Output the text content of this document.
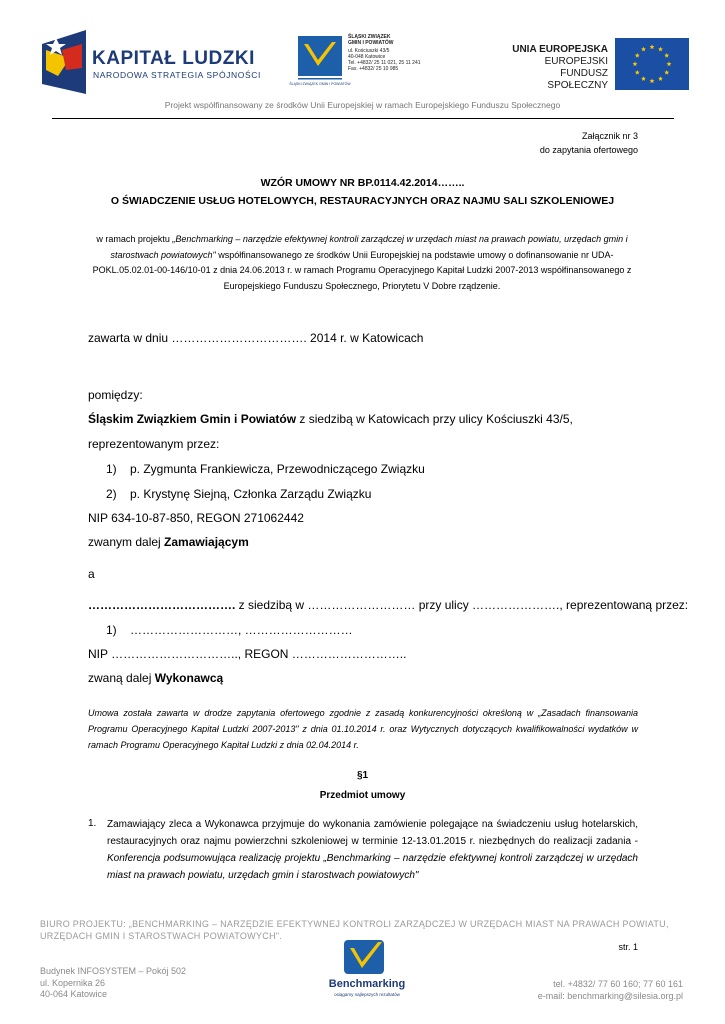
KAPITAŁ LUDZKI
NARODOWA STRATEGIA SPÓJNOŚCI
ŚLĄSKI ZWIĄZEK GMIN I POWIATÓW
ŚLĄSKI ZWIĄZEK
GMIN I POWIATÓW
ul. Kościuszki 43/5
40-048 Katowice
Tel. +4832/ 25 11 021, 25 11 241
Fax. +4832/ 25 10 985
UNIA EUROPEJSKA
EUROPEJSKI
FUNDUSZ SPOŁECZNY
Projekt współfinansowany ze środków Unii Europejskiej w ramach Europejskiego Funduszu Społecznego
Załącznik nr 3
do zapytania ofertowego
WZÓR UMOWY NR BP.0114.42.2014……..
O ŚWIADCZENIE USŁUG HOTELOWYCH, RESTAURACYJNYCH ORAZ NAJMU SALI SZKOLENIOWEJ
w ramach projektu „Benchmarking – narzędzie efektywnej kontroli zarządczej w urzędach miast na prawach powiatu, urzędach gmin i starostwach powiatowych" współfinansowanego ze środków Unii Europejskiej na podstawie umowy o dofinansowanie nr UDA-POKL.05.02.01-00-146/10-01 z dnia 24.06.2013 r. w ramach Programu Operacyjnego Kapitał Ludzki 2007-2013 współfinansowanego z Europejskiego Funduszu Społecznego, Priorytetu V Dobre rządzenie.
zawarta w dniu ……………………………. 2014 r. w Katowicach
pomiędzy:
Śląskim Związkiem Gmin i Powiatów z siedzibą w Katowicach przy ulicy Kościuszki 43/5,
reprezentowanym przez:
1) p. Zygmunta Frankiewicza, Przewodniczącego Związku
2) p. Krystynę Siejną, Członka Zarządu Związku
NIP 634-10-87-850, REGON 271062442
zwanym dalej Zamawiającym
a
………………………………. z siedzibą w ……………………… przy ulicy …………………., reprezentowaną przez:
1) ………………………, ………………………
NIP ………………………….., REGON ………………………..
zwaną dalej Wykonawcą
Umowa została zawarta w drodze zapytania ofertowego zgodnie z zasadą konkurencyjności określoną w „Zasadach finansowania Programu Operacyjnego Kapitał Ludzki 2007-2013" z dnia 01.10.2014 r. oraz Wytycznych dotyczących kwalifikowalności wydatków w ramach Programu Operacyjnego Kapitał Ludzki z dnia 02.04.2014 r.
§1
Przedmiot umowy
1. Zamawiający zleca a Wykonawca przyjmuje do wykonania zamówienie polegające na świadczeniu usług hotelarskich, restauracyjnych oraz najmu powierzchni szkoleniowej w terminie 12-13.01.2015 r. niezbędnych do realizacji zadania - Konferencja podsumowująca realizację projektu „Benchmarking – narzędzie efektywnej kontroli zarządczej w urzędach miast na prawach powiatu, urzędach gmin i starostwach powiatowych"
BIURO PROJEKTU: „BENCHMARKING – NARZĘDZIE EFEKTYWNEJ KONTROLI ZARZĄDCZEJ W URZĘDACH MIAST NA PRAWACH POWIATU, URZĘDACH GMIN I STAROSTWACH POWIATOWYCH".
str. 1
Benchmarking
osiągamy najlepszych rezultatów
Budynek INFOSYSTEM – Pokój 502
ul. Kopernika 26
40-064 Katowice
tel. +4832/ 77 60 160; 77 60 161
e-mail: benchmarking@silesia.org.pl
